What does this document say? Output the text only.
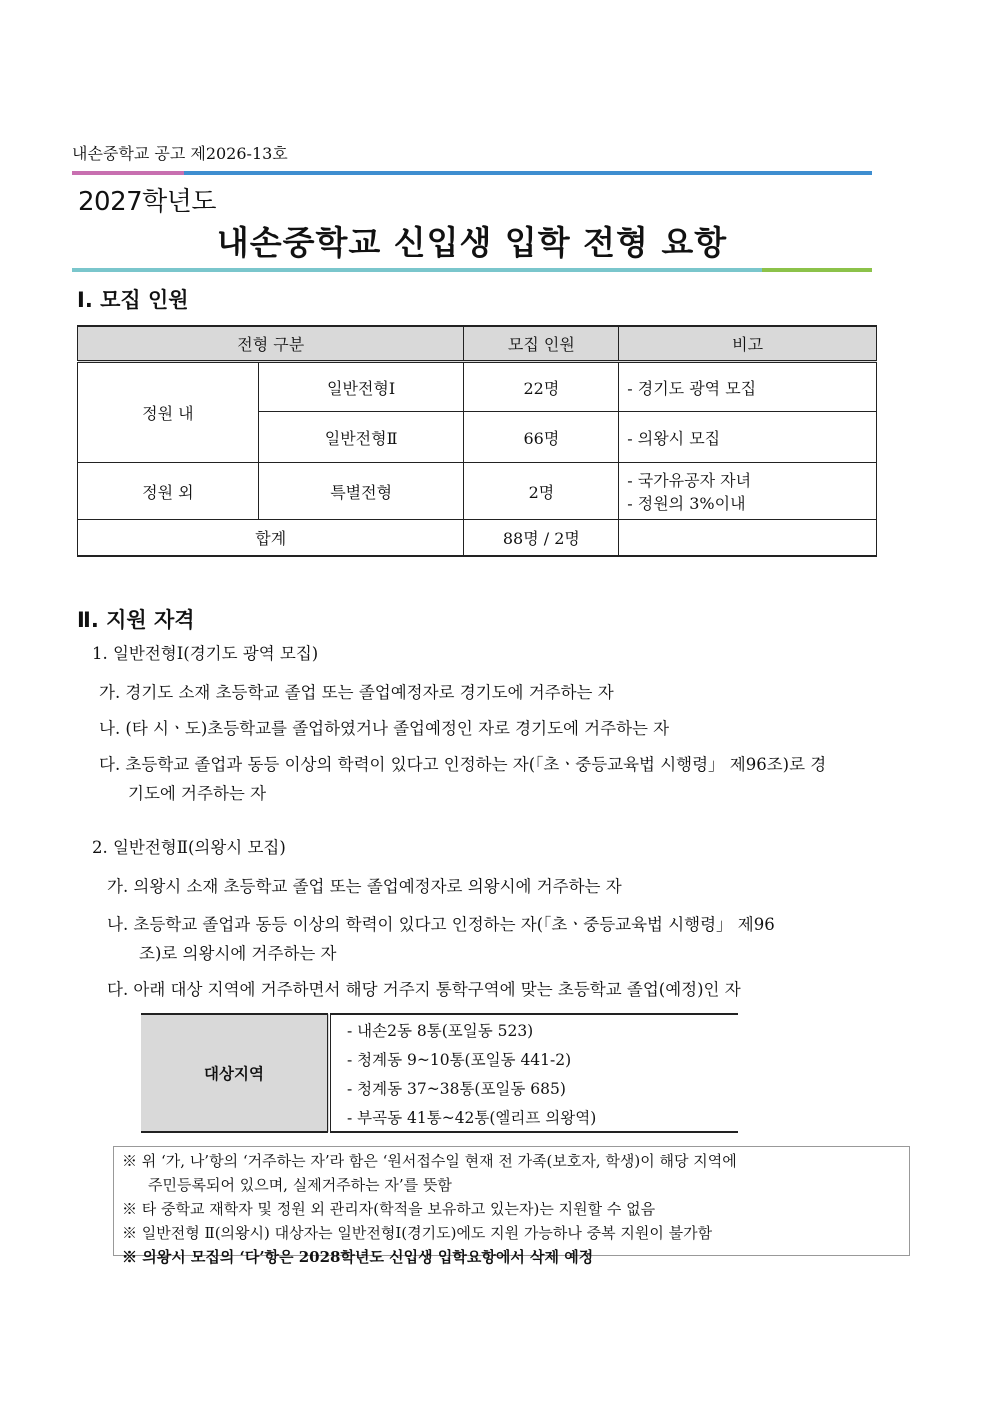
내손중학교 공고 제2026-13호
2027학년도
내손중학교 신입생 입학 전형 요항
Ⅰ. 모집 인원
전형 구분		모집 인원	비고
정원 내	일반전형Ⅰ	22명	- 경기도 광역 모집
	일반전형Ⅱ	66명	- 의왕시 모집
정원 외	특별전형	2명	- 국가유공자 자녀
- 정원의 3%이내

합계		88명 / 2명	
Ⅱ. 지원 자격
1. 일반전형Ⅰ(경기도 광역 모집)
가. 경기도 소재 초등학교 졸업 또는 졸업예정자로 경기도에 거주하는 자
나. (타 시ㆍ도)초등학교를 졸업하였거나 졸업예정인 자로 경기도에 거주하는 자
다. 초등학교 졸업과 동등 이상의 학력이 있다고 인정하는 자(「초ㆍ중등교육법 시행령」 제96조)로 경
기도에 거주하는 자
2. 일반전형Ⅱ(의왕시 모집)
가. 의왕시 소재 초등학교 졸업 또는 졸업예정자로 의왕시에 거주하는 자
나. 초등학교 졸업과 동등 이상의 학력이 있다고 인정하는 자(「초ㆍ중등교육법 시행령」 제96
조)로 의왕시에 거주하는 자
다. 아래 대상 지역에 거주하면서 해당 거주지 통학구역에 맞는 초등학교 졸업(예정)인 자
대상지역	- 내손2동 8통(포일동 523)
- 청계동 9~10통(포일동 441-2)
- 청계동 37~38통(포일동 685)
- 부곡동 41통~42통(엘리프 의왕역)
※ 위 ‘가, 나’항의 ‘거주하는 자’라 함은 ‘원서접수일 현재 전 가족(보호자, 학생)이 해당 지역에
주민등록되어 있으며, 실제거주하는 자’를 뜻함
※ 타 중학교 재학자 및 정원 외 관리자(학적을 보유하고 있는자)는 지원할 수 없음
※ 일반전형 Ⅱ(의왕시) 대상자는 일반전형Ⅰ(경기도)에도 지원 가능하나 중복 지원이 불가함
※ 의왕시 모집의 ‘다’항은 2028학년도 신입생 입학요항에서 삭제 예정
